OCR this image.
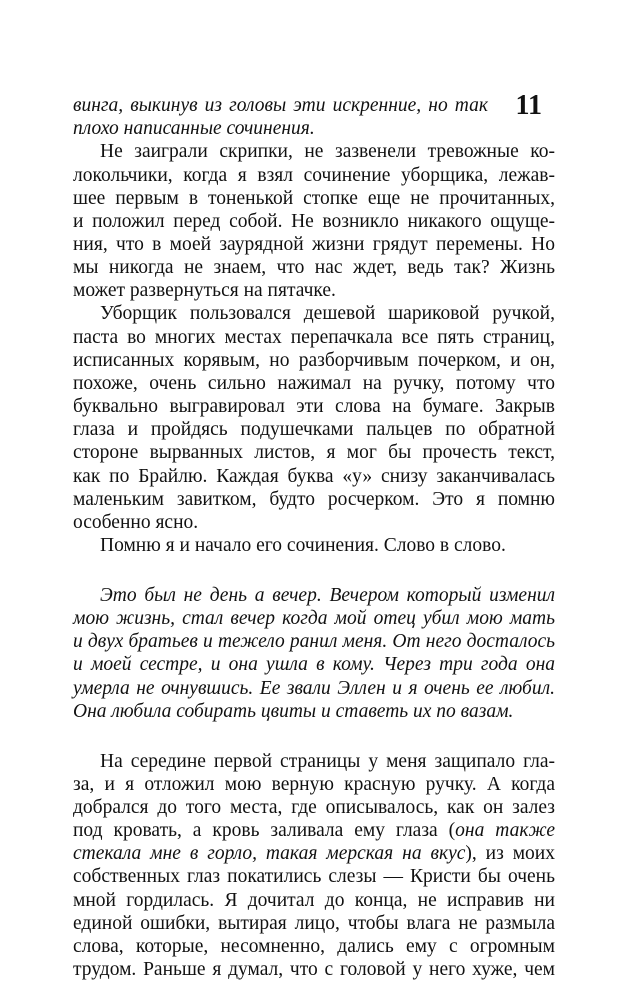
11
винга, выкинув из головы эти искренние, но так
плохо написанные сочинения.
Не заиграли скрипки, не зазвенели тревожные ко-
локольчики, когда я взял сочинение уборщика, лежав-
шее первым в тоненькой стопке еще не прочитанных,
и положил перед собой. Не возникло никакого ощуще-
ния, что в моей заурядной жизни грядут перемены. Но
мы никогда не знаем, что нас ждет, ведь так? Жизнь
может развернуться на пятачке.
Уборщик пользовался дешевой шариковой ручкой,
паста во многих местах перепачкала все пять страниц,
исписанных корявым, но разборчивым почерком, и он,
похоже, очень сильно нажимал на ручку, потому что
буквально выгравировал эти слова на бумаге. Закрыв
глаза и пройдясь подушечками пальцев по обратной
стороне вырванных листов, я мог бы прочесть текст,
как по Брайлю. Каждая буква «у» снизу заканчивалась
маленьким завитком, будто росчерком. Это я помню
особенно ясно.
Помню я и начало его сочинения. Слово в слово.
Это был не день а вечер. Вечером который изменил
мою жизнь, стал вечер когда мой отец убил мою мать
и двух братьев и тежело ранил меня. От него досталось
и моей сестре, и она ушла в кому. Через три года она
умерла не очнувшись. Ее звали Эллен и я очень ее любил.
Она любила собирать цвиты и ставеть их по вазам.
На середине первой страницы у меня защипало гла-
за, и я отложил мою верную красную ручку. А когда
добрался до того места, где описывалось, как он залез
под кровать, а кровь заливала ему глаза (она также
стекала мне в горло, такая мерская на вкус), из моих
собственных глаз покатились слезы — Кристи бы очень
мной гордилась. Я дочитал до конца, не исправив ни
единой ошибки, вытирая лицо, чтобы влага не размыла
слова, которые, несомненно, дались ему с огромным
трудом. Раньше я думал, что с головой у него хуже, чем
